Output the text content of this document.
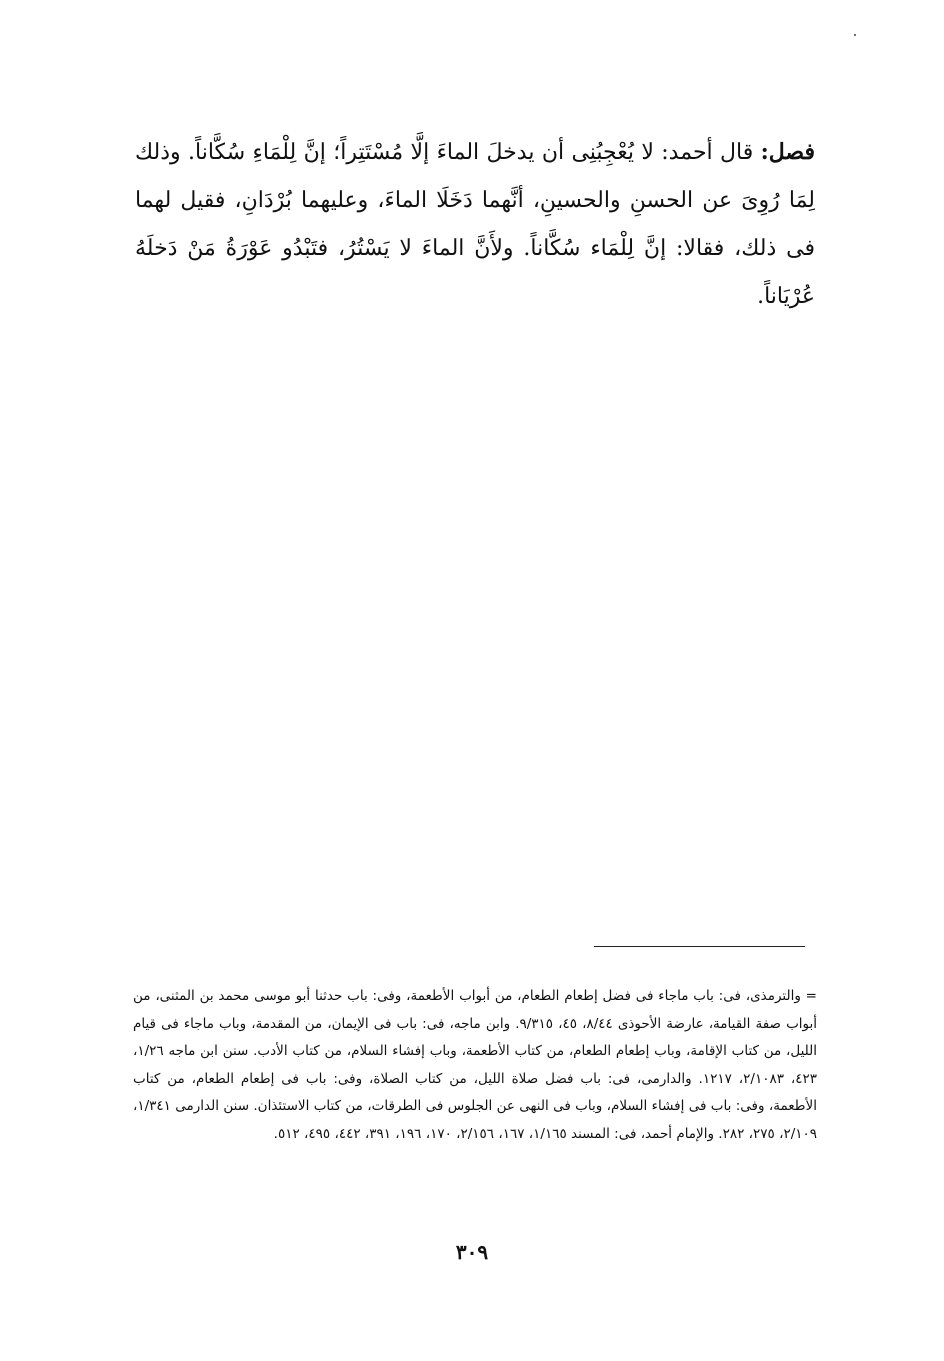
فصل: قال أحمد: لا يُعْجِبُنِى أن يدخلَ الماءَ إلَّا مُسْتَتِراً؛ إنَّ لِلْمَاءِ سُكَّاناً. وذلك لِمَا رُوِىَ عن الحسنِ والحسينِ، أنَّهما دَخَلَا الماءَ، وعليهما بُرْدَانِ، فقيل لهما فى ذلك، فقالا: إنَّ لِلْمَاء سُكَّاناً. ولأَنَّ الماءَ لا يَسْتُرُ، فتَبْدُو عَوْرَةُ مَنْ دَخلَهُ عُرْيَاناً.

= والترمذى، فى: باب ماجاء فى فضل إطعام الطعام، من أبواب الأطعمة، وفى: باب حدثنا أبو موسى محمد بن المثنى، من أبواب صفة القيامة، عارضة الأحوذى ٨/٤٤، ٤٥، ٩/٣١٥. وابن ماجه، فى: باب فى الإيمان، من المقدمة، وباب ماجاء فى قيام الليل، من كتاب الإقامة، وباب إطعام الطعام، من كتاب الأطعمة، وباب إفشاء السلام، من كتاب الأدب. سنن ابن ماجه ١/٢٦، ٤٢٣، ٢/١٠٨٣، ١٢١٧. والدارمى، فى: باب فضل صلاة الليل، من كتاب الصلاة، وفى: باب فى إطعام الطعام، من كتاب الأطعمة، وفى: باب فى إفشاء السلام، وباب فى النهى عن الجلوس فى الطرقات، من كتاب الاستئذان. سنن الدارمى ١/٣٤١، ٢/١٠٩، ٢٧٥، ٢٨٢. والإمام أحمد، فى: المسند ١/١٦٥، ١٦٧، ٢/١٥٦، ١٧٠، ١٩٦، ٣٩١، ٤٤٢، ٤٩٥، ٥١٢.

٣٠٩
